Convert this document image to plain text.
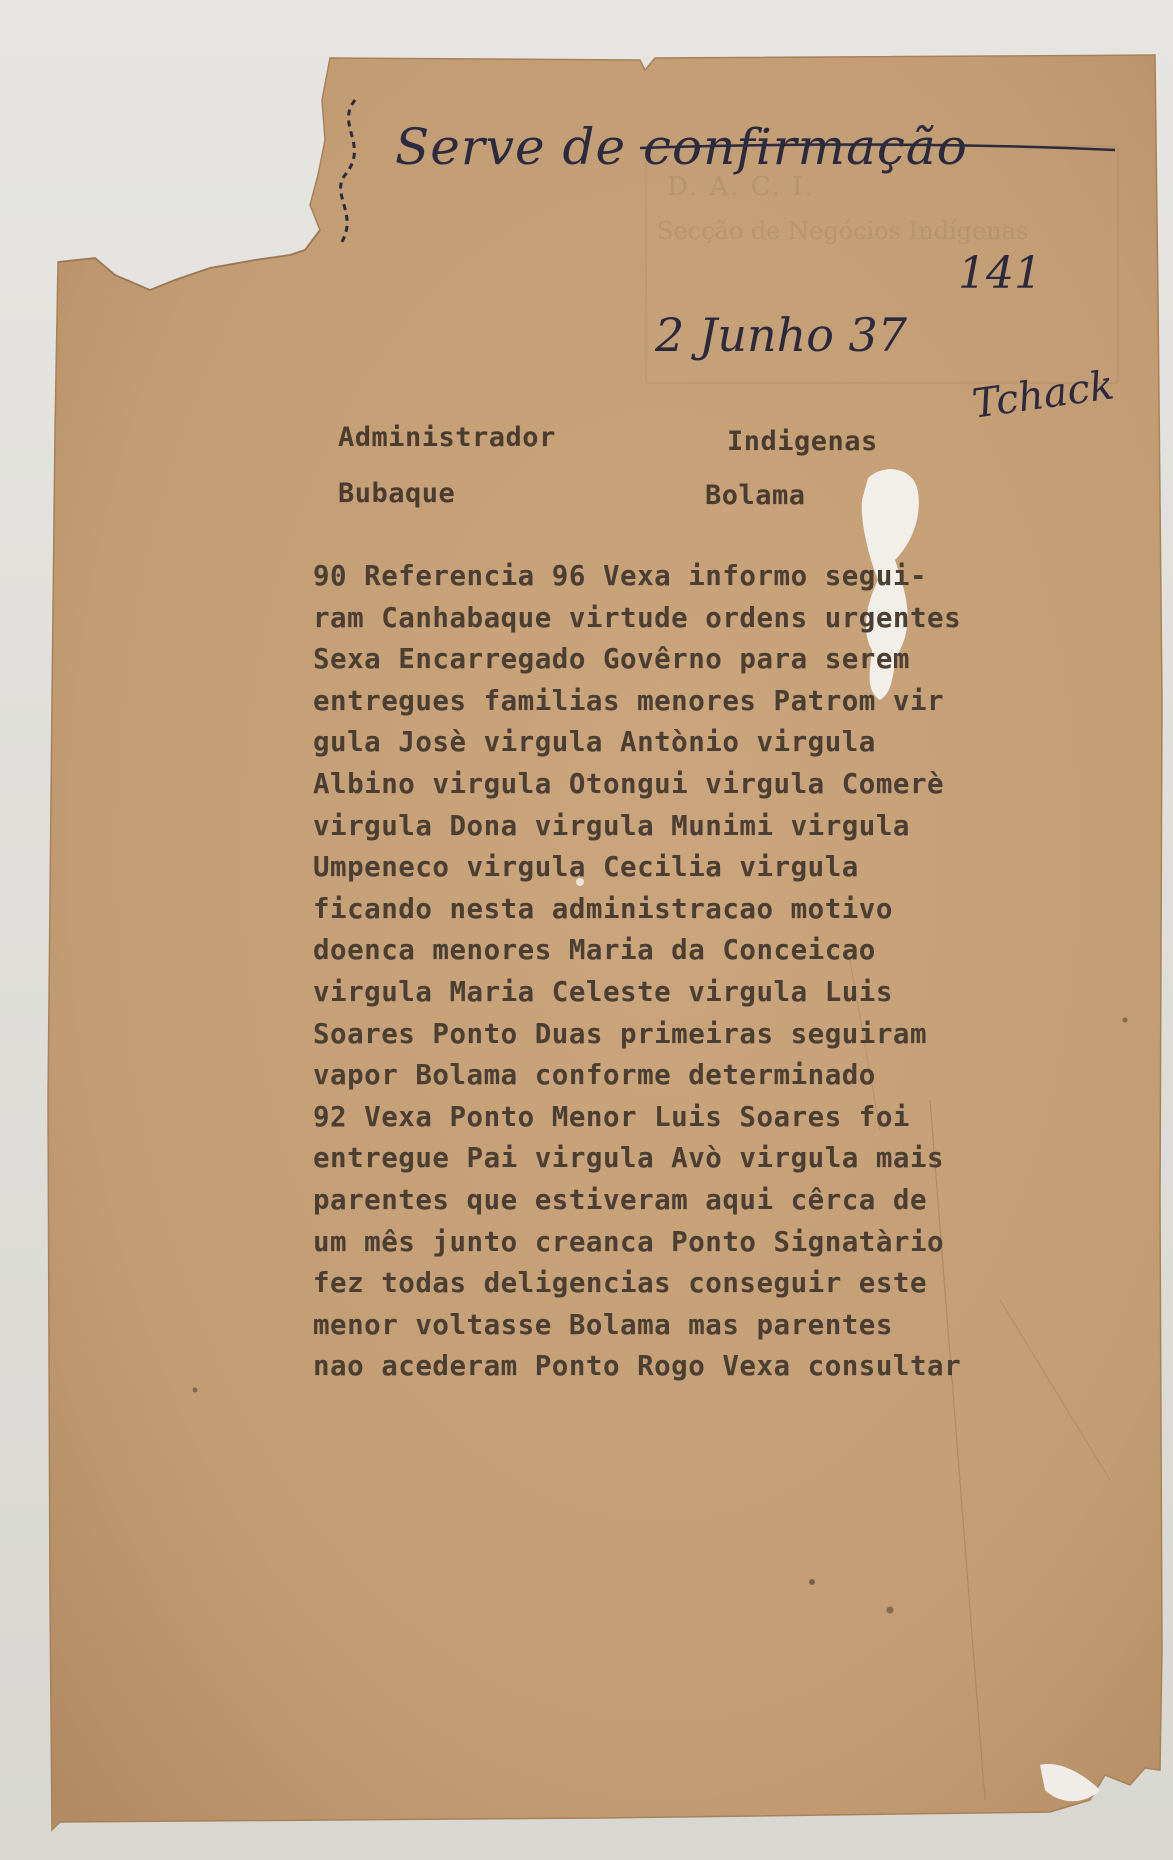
D. A. C. I.
Secção de Negócios Indígenas
Serve de confirmação
141
2 Junho 37
Tchack
Administrador
Bubaque
Indigenas
Bolama
90 Referencia 96 Vexa informo segui-
ram Canhabaque virtude ordens urgentes
Sexa Encarregado Govêrno para serem
entregues familias menores Patrom vir
gula Josè virgula Antònio virgula
Albino virgula Otongui virgula Comerè
virgula Dona virgula Munimi virgula
Umpeneco virgula Cecilia virgula
ficando nesta administracao motivo
doenca menores Maria da Conceicao
virgula Maria Celeste virgula Luis
Soares Ponto Duas primeiras seguiram
vapor Bolama conforme determinado
92 Vexa Ponto Menor Luis Soares foi
entregue Pai virgula Avò virgula mais
parentes que estiveram aqui cêrca de
um mês junto creanca Ponto Signatàrio
fez todas deligencias conseguir este
menor voltasse Bolama mas parentes
nao acederam Ponto Rogo Vexa consultar
